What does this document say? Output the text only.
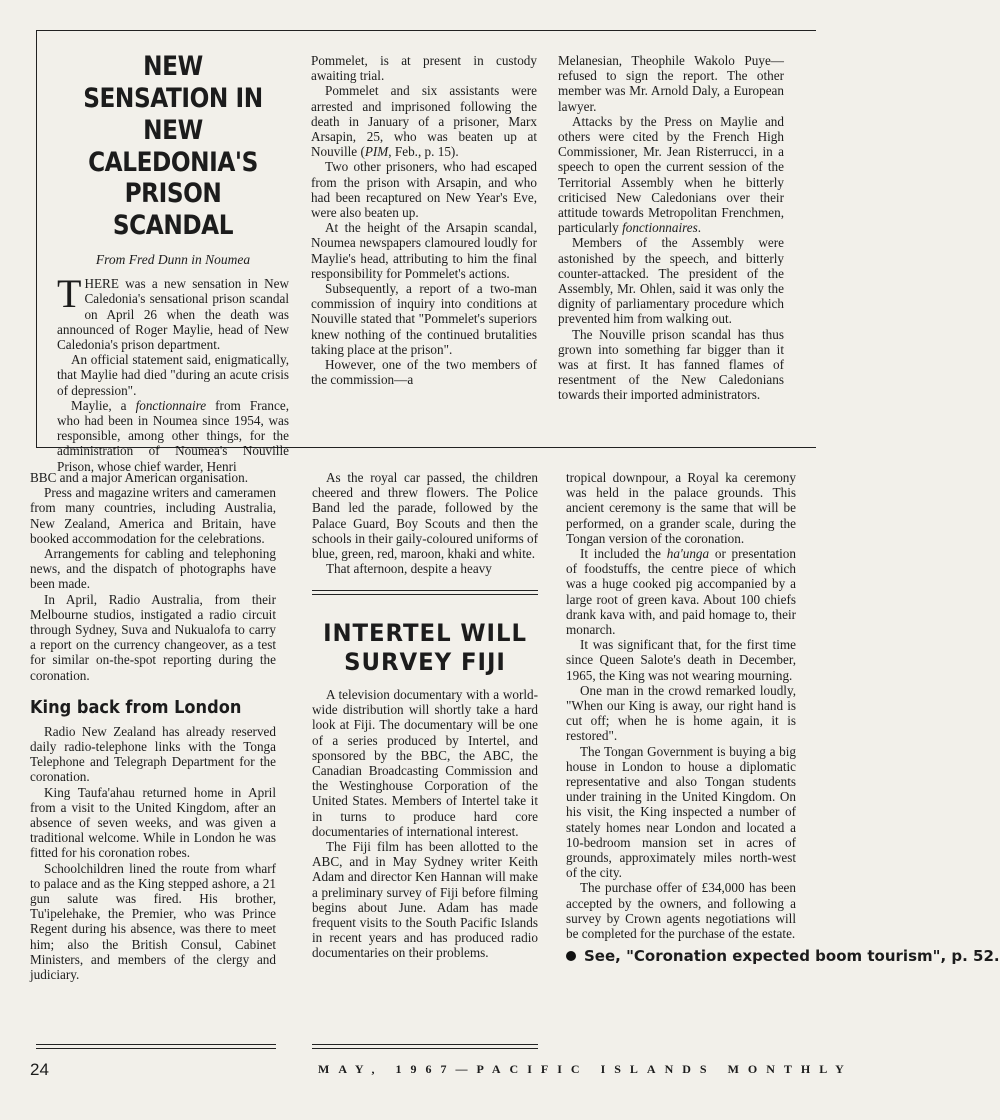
NEW SENSATION IN
NEW CALEDONIA'S
PRISON SCANDAL
From Fred Dunn in Noumea

THERE was a new sensation in New Caledonia's sensational prison scandal on April 26 when the death was announced of Roger Maylie, head of New Caledonia's prison department.

An official statement said, enigmatically, that Maylie had died "during an acute crisis of depression".

Maylie, a fonctionnaire from France, who had been in Noumea since 1954, was responsible, among other things, for the administration of Noumea's Nouville Prison, whose chief warder, Henri

Pommelet, is at present in custody awaiting trial.

Pommelet and six assistants were arrested and imprisoned following the death in January of a prisoner, Marx Arsapin, 25, who was beaten up at Nouville (PIM, Feb., p. 15).

Two other prisoners, who had escaped from the prison with Arsapin, and who had been recaptured on New Year's Eve, were also beaten up.

At the height of the Arsapin scandal, Noumea newspapers clamoured loudly for Maylie's head, attributing to him the final responsibility for Pommelet's actions.

Subsequently, a report of a two-man commission of inquiry into conditions at Nouville stated that "Pommelet's superiors knew nothing of the continued brutalities taking place at the prison".

However, one of the two members of the commission—a

Melanesian, Theophile Wakolo Puye—refused to sign the report. The other member was Mr. Arnold Daly, a European lawyer.

Attacks by the Press on Maylie and others were cited by the French High Commissioner, Mr. Jean Risterrucci, in a speech to open the current session of the Territorial Assembly when he bitterly criticised New Caledonians over their attitude towards Metropolitan Frenchmen, particularly fonctionnaires.

Members of the Assembly were astonished by the speech, and bitterly counter-attacked. The president of the Assembly, Mr. Ohlen, said it was only the dignity of parliamentary procedure which prevented him from walking out.

The Nouville prison scandal has thus grown into something far bigger than it was at first. It has fanned flames of resentment of the New Caledonians towards their imported administrators.

BBC and a major American organisation.

Press and magazine writers and cameramen from many countries, including Australia, New Zealand, America and Britain, have booked accommodation for the celebrations.

Arrangements for cabling and telephoning news, and the dispatch of photographs have been made.

In April, Radio Australia, from their Melbourne studios, instigated a radio circuit through Sydney, Suva and Nukualofa to carry a report on the currency changeover, as a test for similar on-the-spot reporting during the coronation.

King back from London

Radio New Zealand has already reserved daily radio-telephone links with the Tonga Telephone and Telegraph Department for the coronation.

King Taufa'ahau returned home in April from a visit to the United Kingdom, after an absence of seven weeks, and was given a traditional welcome. While in London he was fitted for his coronation robes.

Schoolchildren lined the route from wharf to palace and as the King stepped ashore, a 21 gun salute was fired. His brother, Tu'ipelehake, the Premier, who was Prince Regent during his absence, was there to meet him; also the British Consul, Cabinet Ministers, and members of the clergy and judiciary.

As the royal car passed, the children cheered and threw flowers. The Police Band led the parade, followed by the Palace Guard, Boy Scouts and then the schools in their gaily-coloured uniforms of blue, green, red, maroon, khaki and white.

That afternoon, despite a heavy

INTERTEL WILL
SURVEY FIJI

A television documentary with a world-wide distribution will shortly take a hard look at Fiji. The documentary will be one of a series produced by Intertel, and sponsored by the BBC, the ABC, the Canadian Broadcasting Commission and the Westinghouse Corporation of the United States. Members of Intertel take it in turns to produce hard core documentaries of international interest.

The Fiji film has been allotted to the ABC, and in May Sydney writer Keith Adam and director Ken Hannan will make a preliminary survey of Fiji before filming begins about June. Adam has made frequent visits to the South Pacific Islands in recent years and has produced radio documentaries on their problems.

tropical downpour, a Royal ka ceremony was held in the palace grounds. This ancient ceremony is the same that will be performed, on a grander scale, during the Tongan version of the coronation.

It included the ha'unga or presentation of foodstuffs, the centre piece of which was a huge cooked pig accompanied by a large root of green kava. About 100 chiefs drank kava with, and paid homage to, their monarch.

It was significant that, for the first time since Queen Salote's death in December, 1965, the King was not wearing mourning.

One man in the crowd remarked loudly, "When our King is away, our right hand is cut off; when he is home again, it is restored".

The Tongan Government is buying a big house in London to house a diplomatic representative and also Tongan students under training in the United Kingdom. On his visit, the King inspected a number of stately homes near London and located a 10-bedroom mansion set in acres of grounds, approximately miles north-west of the city.

The purchase offer of £34,000 has been accepted by the owners, and following a survey by Crown agents negotiations will be completed for the purchase of the estate.

See, "Coronation expected boom tourism", p. 52.
24	MAY, 1967—PACIFIC ISLANDS MONTHLY
